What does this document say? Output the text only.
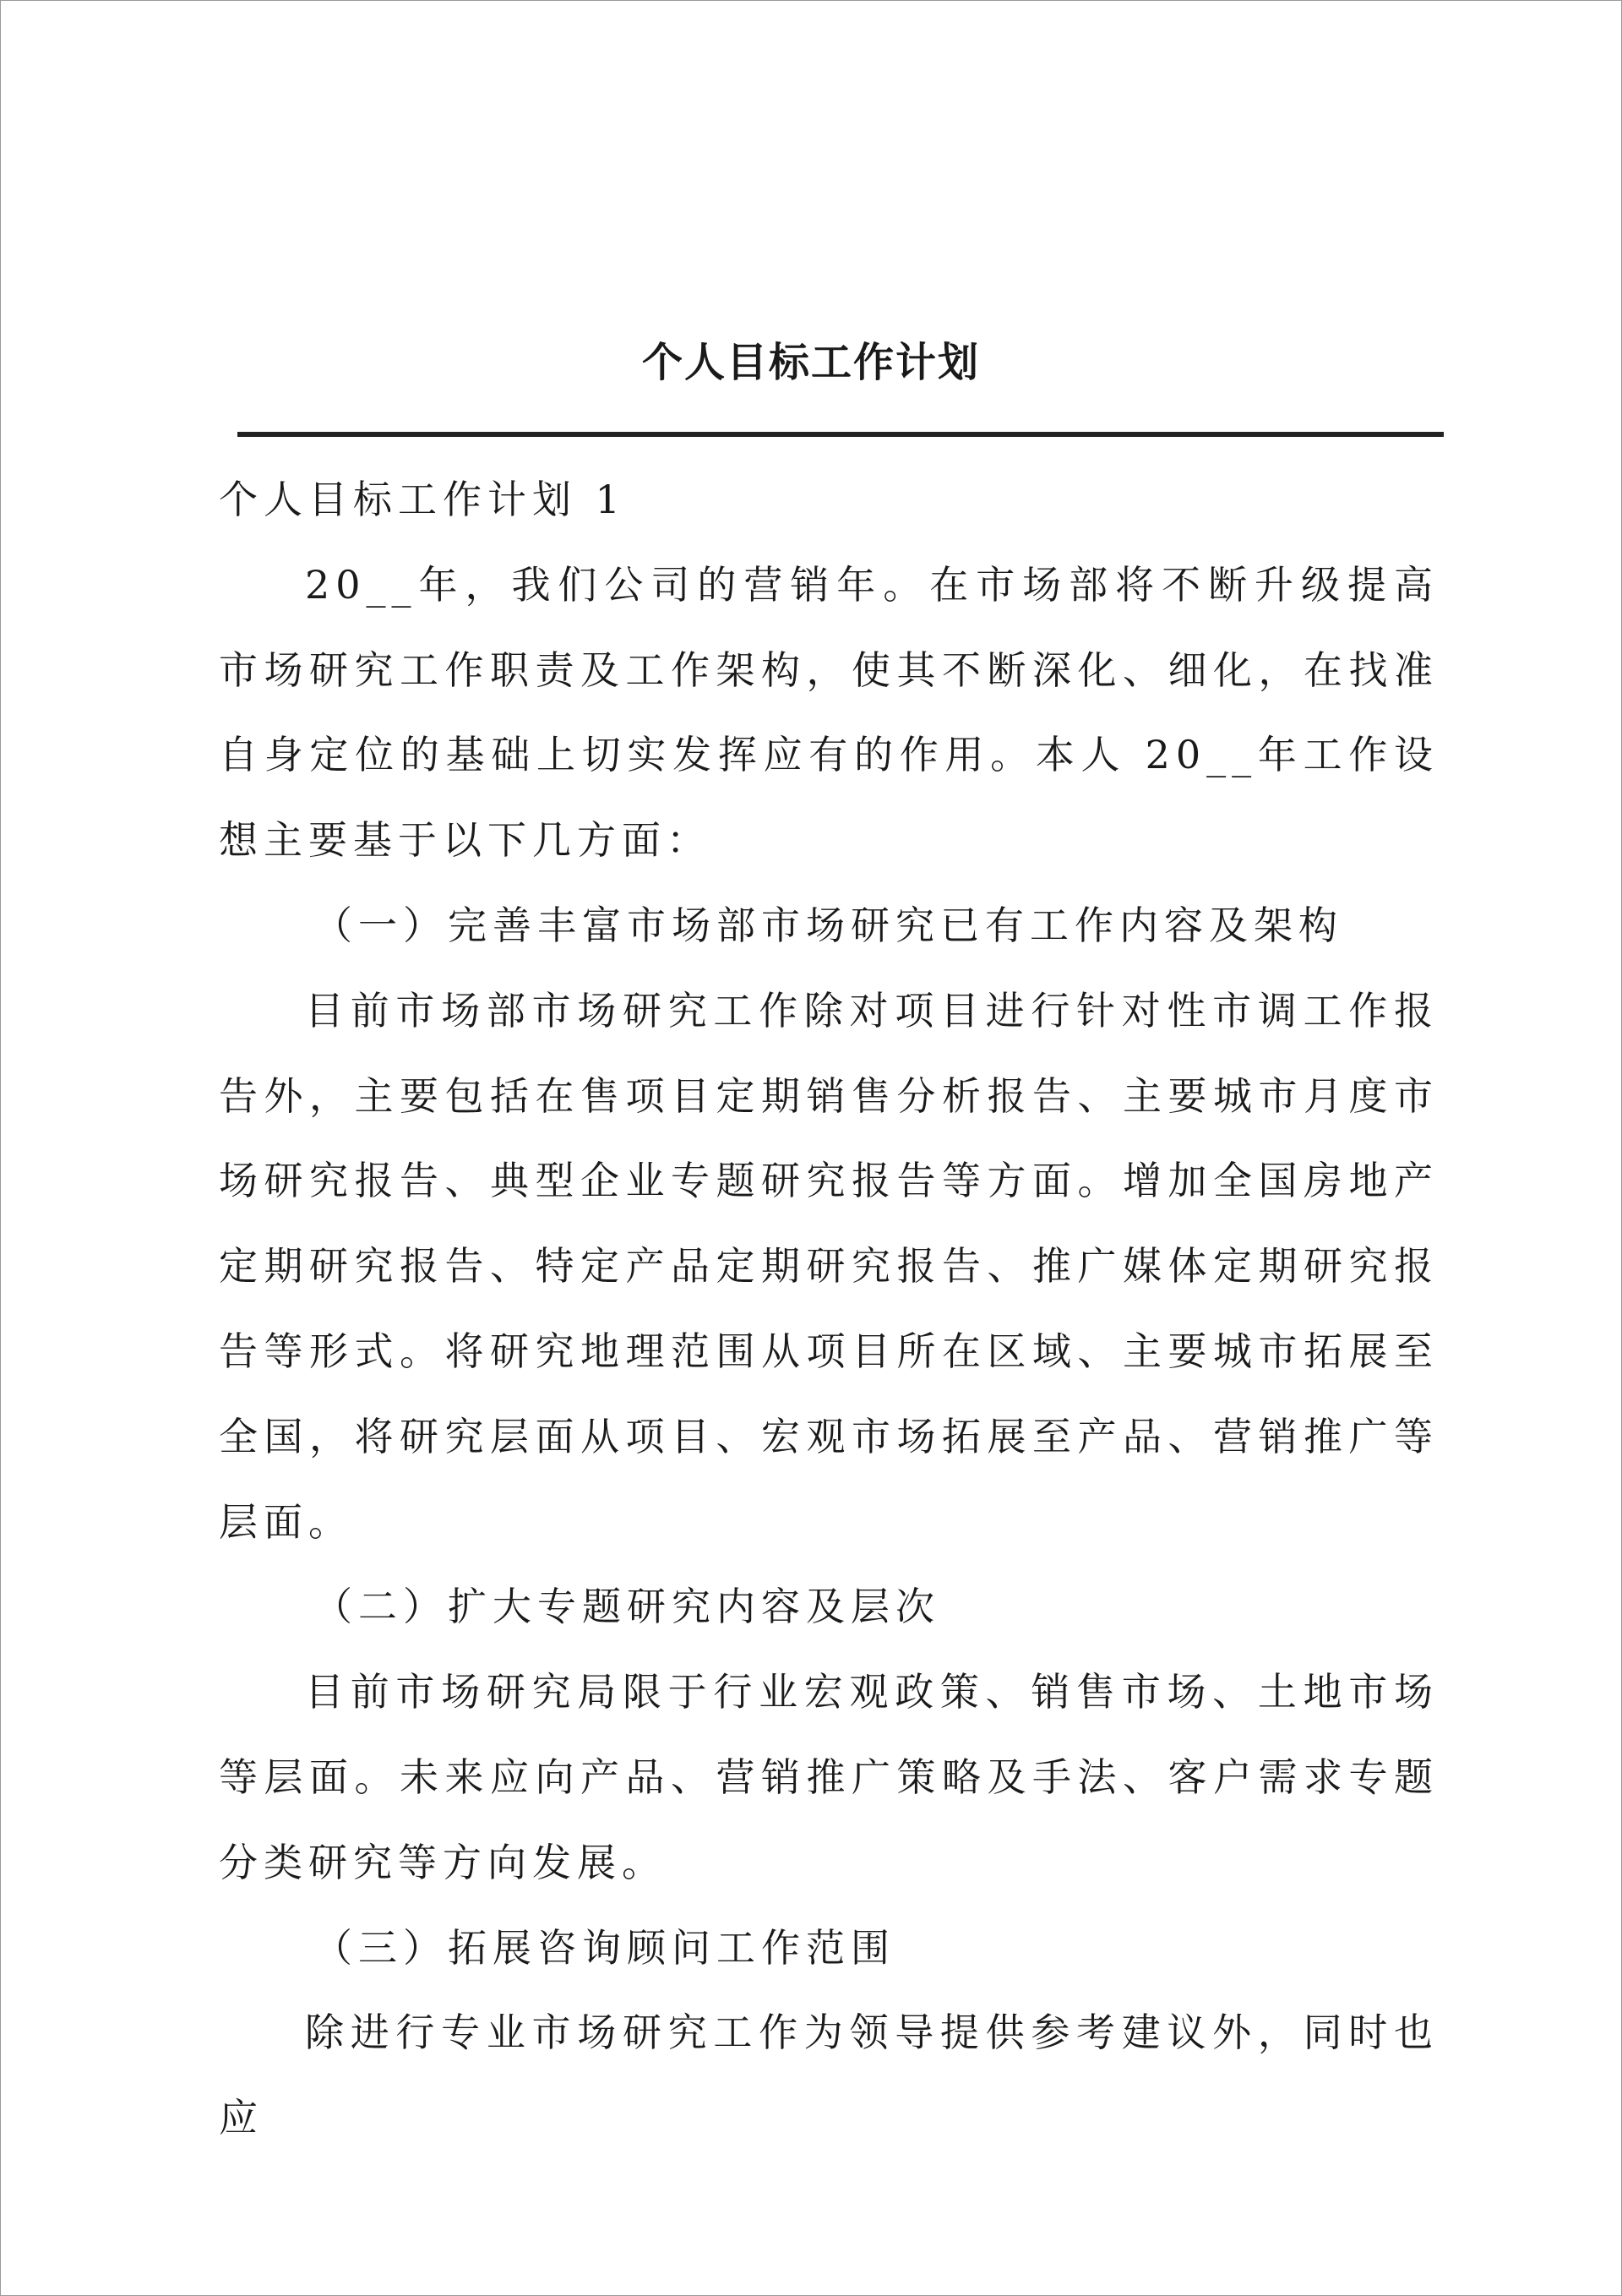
个人目标工作计划

个人目标工作计划 1

20__年，我们公司的营销年。在市场部将不断升级提高市场研究工作职责及工作架构，使其不断深化、细化，在找准自身定位的基础上切实发挥应有的作用。本人 20__年工作设想主要基于以下几方面：

（一）完善丰富市场部市场研究已有工作内容及架构

目前市场部市场研究工作除对项目进行针对性市调工作报告外，主要包括在售项目定期销售分析报告、主要城市月度市场研究报告、典型企业专题研究报告等方面。增加全国房地产定期研究报告、特定产品定期研究报告、推广媒体定期研究报告等形式。将研究地理范围从项目所在区域、主要城市拓展至全国，将研究层面从项目、宏观市场拓展至产品、营销推广等层面。

（二）扩大专题研究内容及层次

目前市场研究局限于行业宏观政策、销售市场、土地市场等层面。未来应向产品、营销推广策略及手法、客户需求专题分类研究等方向发展。

（三）拓展咨询顾问工作范围

除进行专业市场研究工作为领导提供参考建议外，同时也应
